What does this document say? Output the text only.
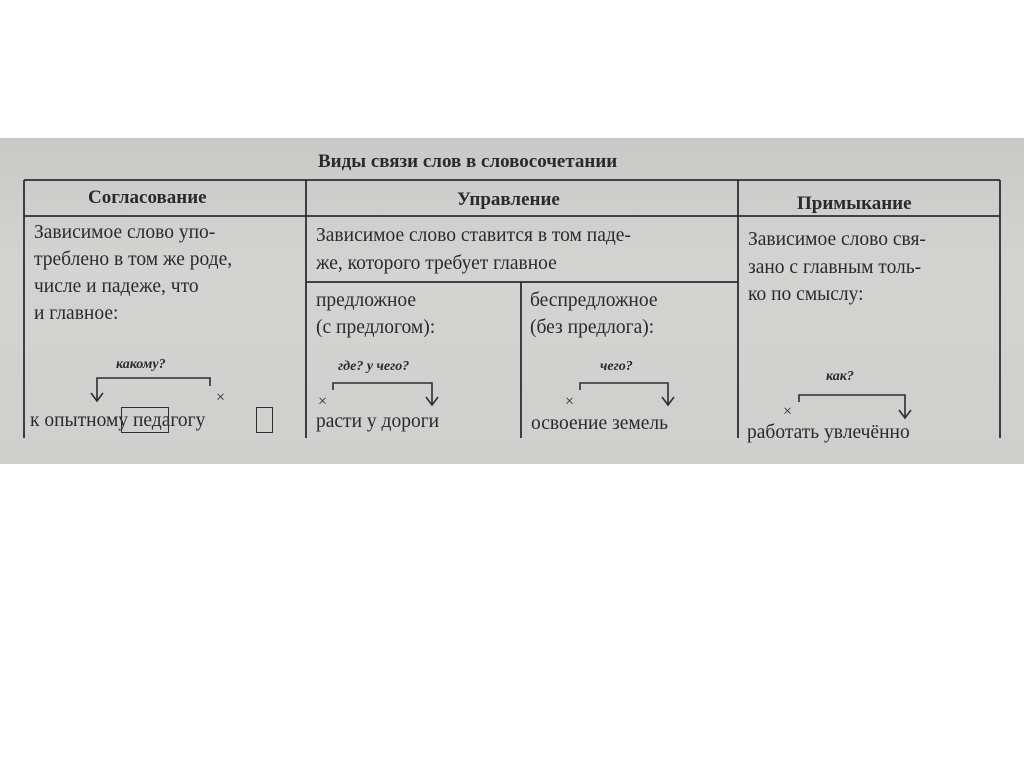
Виды связи слов в словосочетании
Согласование	Управление	Примыкание
Зависимое слово упо-
треблено в том же роде,
числе и падеже, что
и главное:
какому?
×
к опытному педагогу
Зависимое слово ставится в том паде-
же, которого требует главное
предложное
(с предлогом):
где? у чего?
×
расти у дороги
беспредложное
(без предлога):
чего?
×
освоение земель
Зависимое слово свя-
зано с главным толь-
ко по смыслу:
как?
×
работать увлечённо
